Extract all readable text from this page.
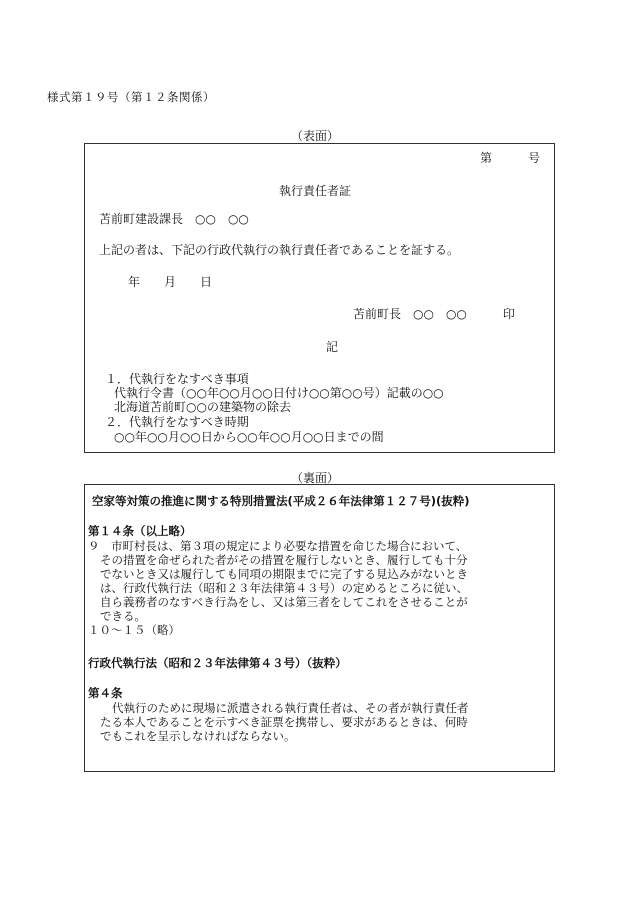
様式第１９号（第１２条関係）
（表面）
第　　　号
執行責任者証
苫前町建設課長　○○　○○
上記の者は、下記の行政代執行の執行責任者であることを証する。
年　　月　　日
苫前町長　○○　○○　　　印
記
１．代執行をなすべき事項
代執行令書（○○年○○月○○日付け○○第○○号）記載の○○
北海道苫前町○○の建築物の除去
２．代執行をなすべき時期
○○年○○月○○日から○○年○○月○○日までの間
（裏面）
空家等対策の推進に関する特別措置法(平成２６年法律第１２７号)(抜粋)
第１４条（以上略）
９　市町村長は、第３項の規定により必要な措置を命じた場合において、
その措置を命ぜられた者がその措置を履行しないとき、履行しても十分
でないとき又は履行しても同項の期限までに完了する見込みがないとき
は、行政代執行法（昭和２３年法律第４３号）の定めるところに従い、
自ら義務者のなすべき行為をし、又は第三者をしてこれをさせることが
できる。
１０～１５（略）
行政代執行法（昭和２３年法律第４３号）（抜粋）
第４条
代執行のために現場に派遣される執行責任者は、その者が執行責任者
たる本人であることを示すべき証票を携帯し、要求があるときは、何時
でもこれを呈示しなければならない。
